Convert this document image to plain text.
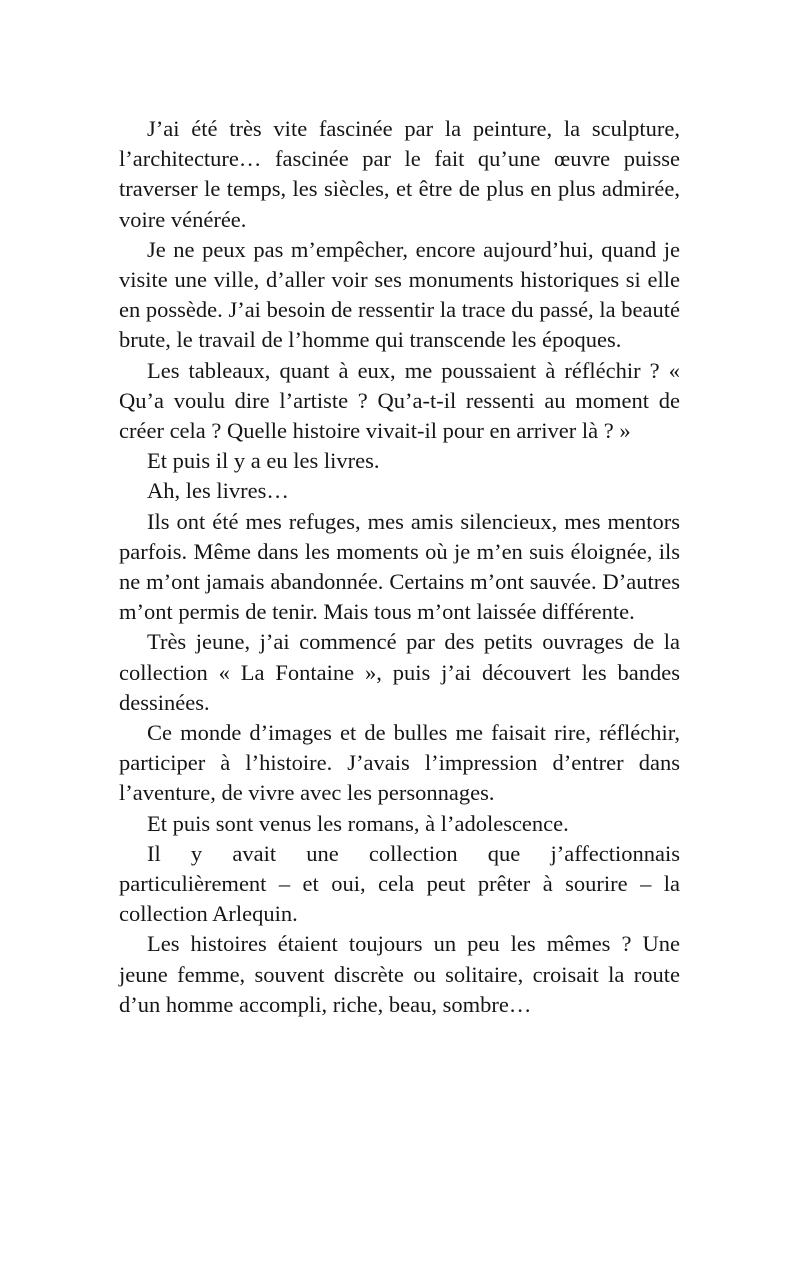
J’ai été très vite fascinée par la peinture, la sculpture, l’architecture… fascinée par le fait qu’une œuvre puisse traverser le temps, les siècles, et être de plus en plus admirée, voire vénérée.

Je ne peux pas m’empêcher, encore aujourd’hui, quand je visite une ville, d’aller voir ses monuments historiques si elle en possède. J’ai besoin de ressentir la trace du passé, la beauté brute, le travail de l’homme qui transcende les époques.

Les tableaux, quant à eux, me poussaient à réfléchir ? « Qu’a voulu dire l’artiste ? Qu’a-t-il ressenti au moment de créer cela ? Quelle histoire vivait-il pour en arriver là ? »

Et puis il y a eu les livres.

Ah, les livres…

Ils ont été mes refuges, mes amis silencieux, mes mentors parfois. Même dans les moments où je m’en suis éloignée, ils ne m’ont jamais abandonnée. Certains m’ont sauvée. D’autres m’ont permis de tenir. Mais tous m’ont laissée différente.

Très jeune, j’ai commencé par des petits ouvrages de la collection « La Fontaine », puis j’ai découvert les bandes dessinées.

Ce monde d’images et de bulles me faisait rire, réfléchir, participer à l’histoire. J’avais l’impression d’entrer dans l’aventure, de vivre avec les personnages.

Et puis sont venus les romans, à l’adolescence.

Il y avait une collection que j’affectionnais particulièrement – et oui, cela peut prêter à sourire – la collection Arlequin.

Les histoires étaient toujours un peu les mêmes ? Une jeune femme, souvent discrète ou solitaire, croisait la route d’un homme accompli, riche, beau, sombre…
